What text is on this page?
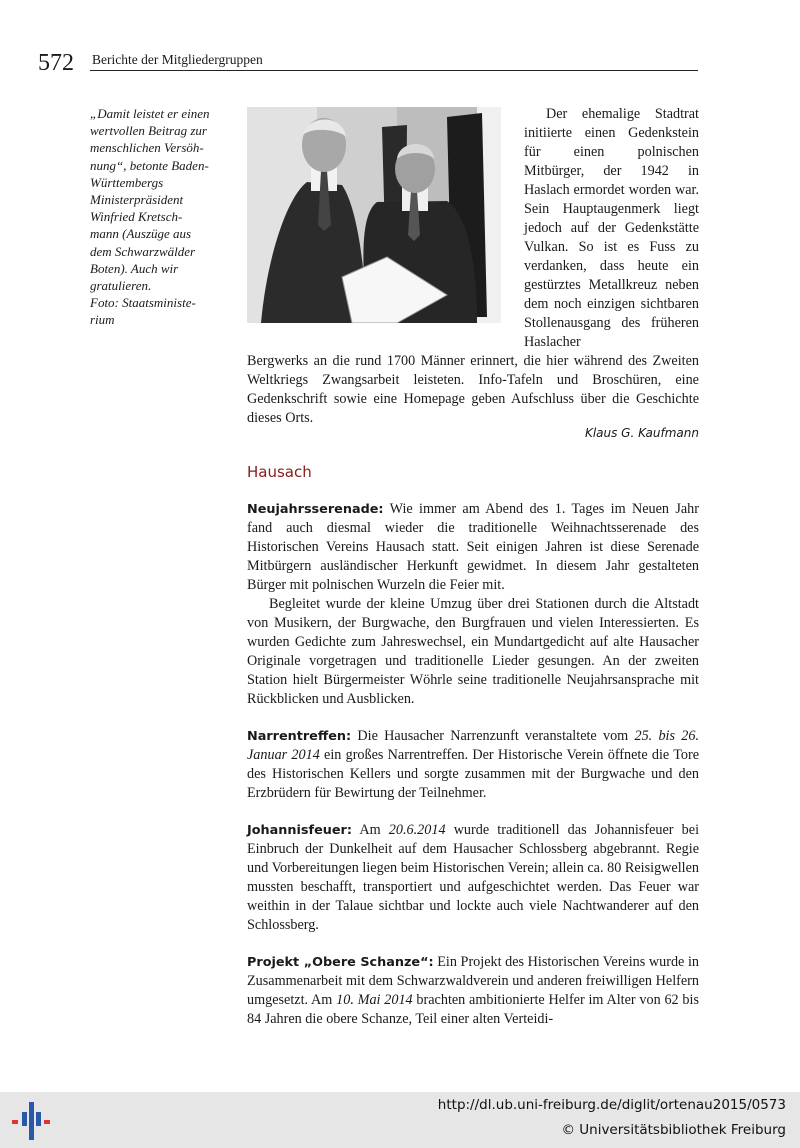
572 Berichte der Mitgliedergruppen

„Damit leistet er einen

wertvollen Beitrag zur

menschlichen Versöh-

nung“, betonte Baden-

Württembergs

Ministerpräsident

Winfried Kretsch-

mann (Auszüge aus

dem Schwarzwälder

Boten). Auch wir

gratulieren.

Foto: Staatsministe-

rium

Der ehemalige Stadtrat initiierte einen Gedenkstein für einen polnischen Mitbürger, der 1942 in Haslach ermordet worden war. Sein Hauptaugenmerk liegt jedoch auf der Gedenkstätte Vulkan. So ist es Fuss zu verdanken, dass heute ein gestürztes Metallkreuz neben dem noch einzigen sichtbaren Stollenausgang des früheren Haslacher

Bergwerks an die rund 1700 Männer erinnert, die hier während des Zweiten Weltkriegs Zwangsarbeit leisteten. Info-Tafeln und Broschüren, eine Gedenkschrift sowie eine Homepage geben Aufschluss über die Geschichte dieses Orts.

Klaus G. Kaufmann
Hausach

Neujahrsserenade: Wie immer am Abend des 1. Tages im Neuen Jahr fand auch diesmal wieder die traditionelle Weihnachtsserenade des Historischen Vereins Hausach statt. Seit einigen Jahren ist diese Serenade Mitbürgern ausländischer Herkunft gewidmet. In diesem Jahr gestalteten Bürger mit polnischen Wurzeln die Feier mit.

Begleitet wurde der kleine Umzug über drei Stationen durch die Altstadt von Musikern, der Burgwache, den Burgfrauen und vielen Interessierten. Es wurden Gedichte zum Jahreswechsel, ein Mundartgedicht auf alte Hausacher Originale vorgetragen und traditionelle Lieder gesungen. An der zweiten Station hielt Bürgermeister Wöhrle seine traditionelle Neujahrsansprache mit Rückblicken und Ausblicken.

Narrentreffen: Die Hausacher Narrenzunft veranstaltete vom 25. bis 26. Januar 2014 ein großes Narrentreffen. Der Historische Verein öffnete die Tore des Historischen Kellers und sorgte zusammen mit der Burgwache und den Erzbrüdern für Bewirtung der Teilnehmer.

Johannisfeuer: Am 20.6.2014 wurde traditionell das Johannisfeuer bei Einbruch der Dunkelheit auf dem Hausacher Schlossberg abgebrannt. Regie und Vorbereitungen liegen beim Historischen Verein; allein ca. 80 Reisigwellen mussten beschafft, transportiert und aufgeschichtet werden. Das Feuer war weithin in der Talaue sichtbar und lockte auch viele Nachtwanderer auf den Schlossberg.

Projekt „Obere Schanze“: Ein Projekt des Historischen Vereins wurde in Zusammenarbeit mit dem Schwarzwaldverein und anderen freiwilligen Helfern umgesetzt. Am 10. Mai 2014 brachten ambitionierte Helfer im Alter von 62 bis 84 Jahren die obere Schanze, Teil einer alten Verteidi-

http://dl.ub.uni-freiburg.de/diglit/ortenau2015/0573
© Universitätsbibliothek Freiburg
